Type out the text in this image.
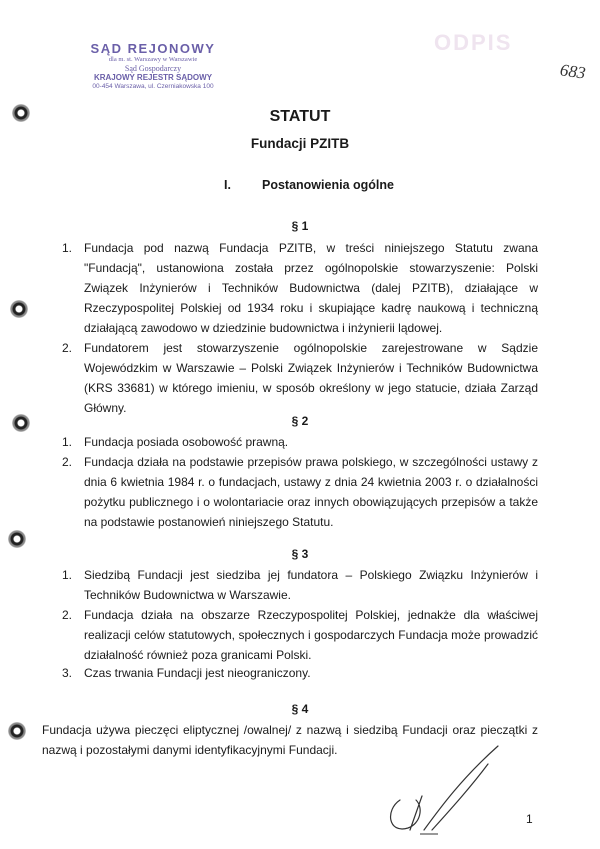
SĄD REJONOWY
dla m. st. Warszawy w Warszawie
Sąd Gospodarczy
KRAJOWY REJESTR SĄDOWY
00-454 Warszawa, ul. Czerniakowska 100
ODPIS
683
STATUT
Fundacji PZITB
I. Postanowienia ogólne
§ 1
1. Fundacja pod nazwą Fundacja PZITB, w treści niniejszego Statutu zwana "Fundacją", ustanowiona została przez ogólnopolskie stowarzyszenie: Polski Związek Inżynierów i Techników Budownictwa (dalej PZITB), działające w Rzeczypospolitej Polskiej od 1934 roku i skupiające kadrę naukową i techniczną działającą zawodowo w dziedzinie budownictwa i inżynierii lądowej.
2. Fundatorem jest stowarzyszenie ogólnopolskie zarejestrowane w Sądzie Wojewódzkim w Warszawie – Polski Związek Inżynierów i Techników Budownictwa (KRS 33681) w którego imieniu, w sposób określony w jego statucie, działa Zarząd Główny.
§ 2
1. Fundacja posiada osobowość prawną.
2. Fundacja działa na podstawie przepisów prawa polskiego, w szczególności ustawy z dnia 6 kwietnia 1984 r. o fundacjach, ustawy z dnia 24 kwietnia 2003 r. o działalności pożytku publicznego i o wolontariacie oraz innych obowiązujących przepisów a także na podstawie postanowień niniejszego Statutu.
§ 3
1. Siedzibą Fundacji jest siedziba jej fundatora – Polskiego Związku Inżynierów i Techników Budownictwa w Warszawie.
2. Fundacja działa na obszarze Rzeczypospolitej Polskiej, jednakże dla właściwej realizacji celów statutowych, społecznych i gospodarczych Fundacja może prowadzić działalność również poza granicami Polski.
3. Czas trwania Fundacji jest nieograniczony.
§ 4
Fundacja używa pieczęci eliptycznej /owalnej/ z nazwą i siedzibą Fundacji oraz pieczątki z nazwą i pozostałymi danymi identyfikacyjnymi Fundacji.
1
